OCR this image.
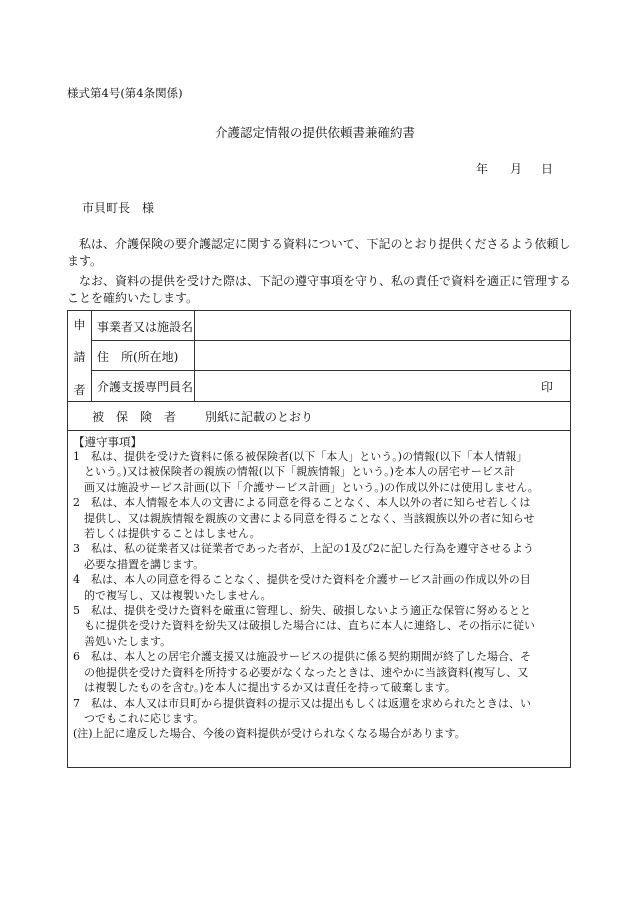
様式第4号(第4条関係)
介護認定情報の提供依頼書兼確約書
年 月 日
市貝町長　様
　私は、介護保険の要介護認定に関する資料について、下記のとおり提供くださるよう依頼し
ます。
　なお、資料の提供を受けた際は、下記の遵守事項を守り、私の責任で資料を適正に管理する
ことを確約いたします。
申
請
者
事業者又は施設名
住　所(所在地)
介護支援専門員名	印
被　保　険　者 別紙に記載のとおり
【遵守事項】
1　私は、提供を受けた資料に係る被保険者(以下「本人」という。)の情報(以下「本人情報」
　という。)又は被保険者の親族の情報(以下「親族情報」という。)を本人の居宅サービス計
　画又は施設サービス計画(以下「介護サービス計画」という。)の作成以外には使用しません。
2　私は、本人情報を本人の文書による同意を得ることなく、本人以外の者に知らせ若しくは
　提供し、又は親族情報を親族の文書による同意を得ることなく、当該親族以外の者に知らせ
　若しくは提供することはしません。
3　私は、私の従業者又は従業者であった者が、上記の1及び2に記した行為を遵守させるよう
　必要な措置を講じます。
4　私は、本人の同意を得ることなく、提供を受けた資料を介護サービス計画の作成以外の目
　的で複写し、又は複製いたしません。
5　私は、提供を受けた資料を厳重に管理し、紛失、破損しないよう適正な保管に努めるとと
　もに提供を受けた資料を紛失又は破損した場合には、直ちに本人に連絡し、その指示に従い
　善処いたします。
6　私は、本人との居宅介護支援又は施設サービスの提供に係る契約期間が終了した場合、そ
　の他提供を受けた資料を所持する必要がなくなったときは、速やかに当該資料(複写し、又
　は複製したものを含む。)を本人に提出するか又は責任を持って破棄します。
7　私は、本人又は市貝町から提供資料の提示又は提出もしくは返還を求められたときは、い
　つでもこれに応じます。
(注)上記に違反した場合、今後の資料提供が受けられなくなる場合があります。
